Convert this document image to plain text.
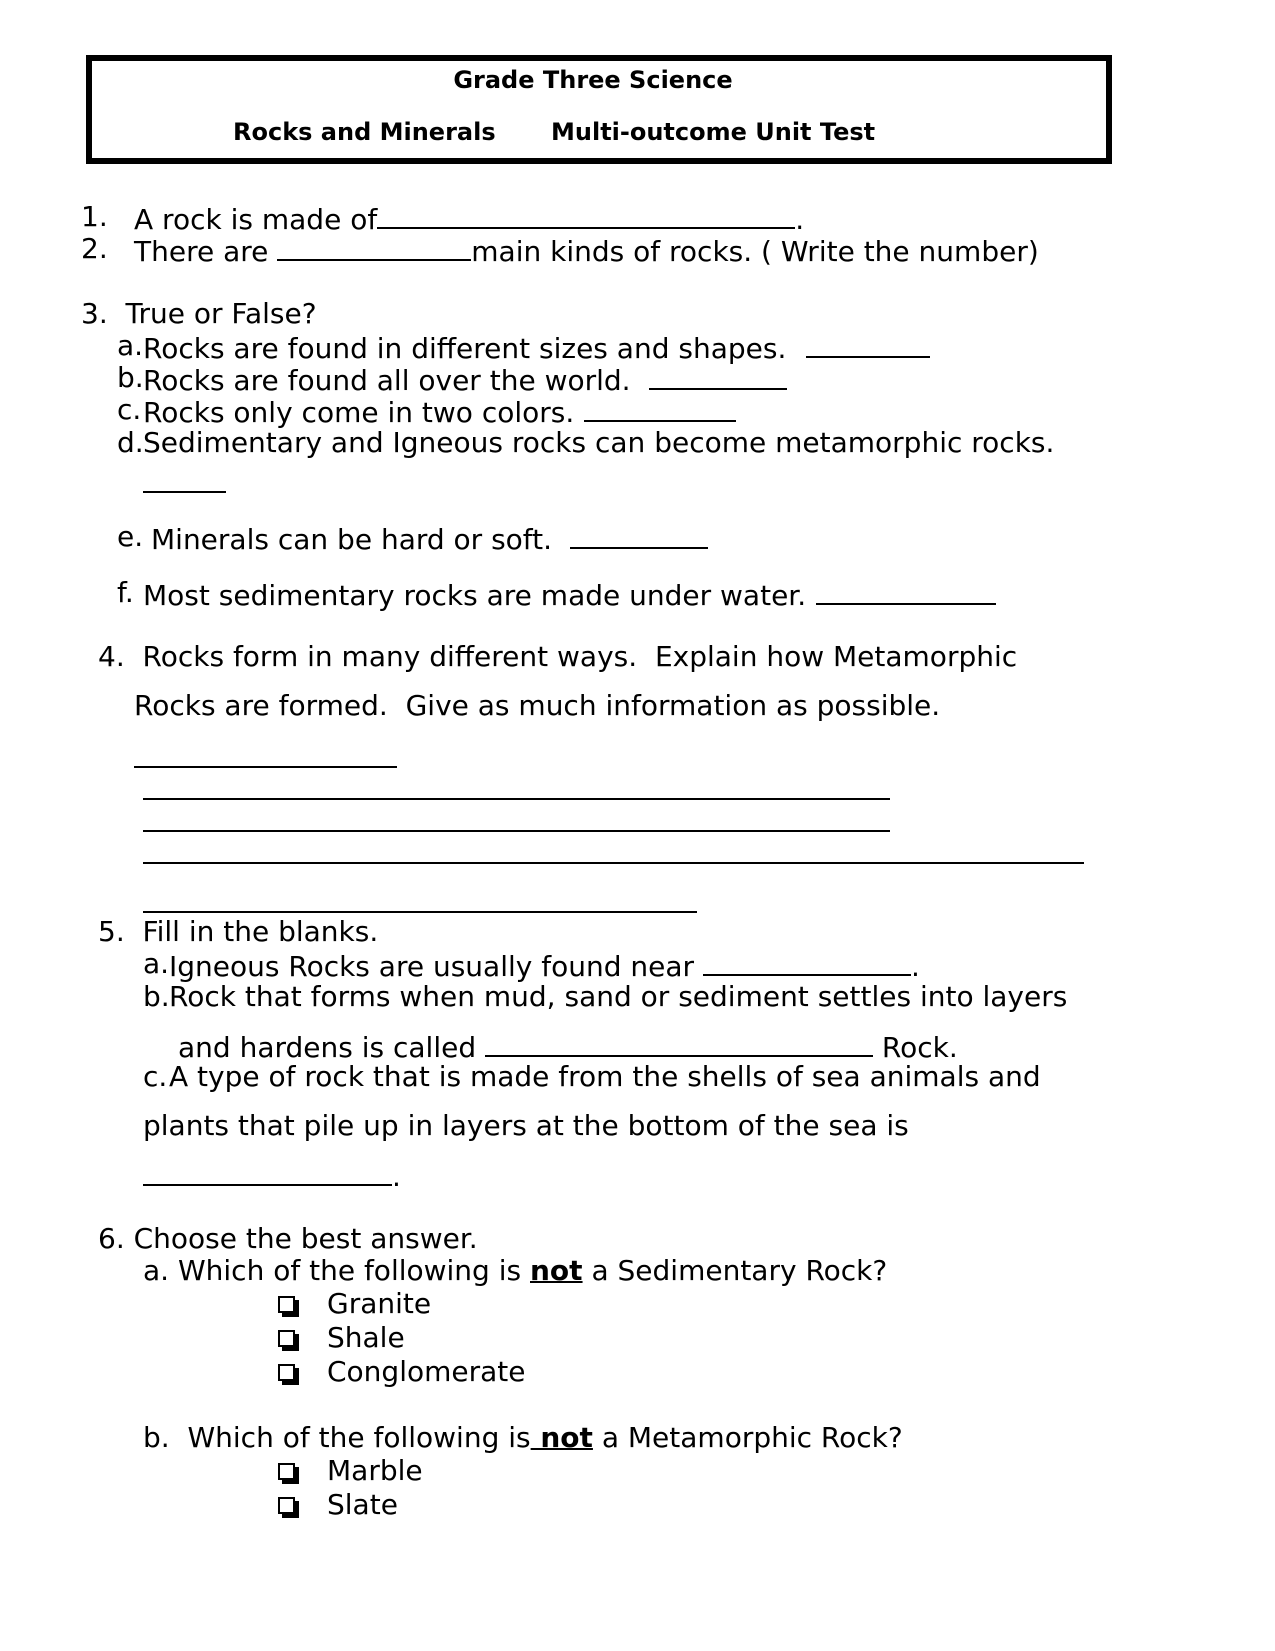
Grade Three Science
Rocks and Minerals Multi-outcome Unit Test
1. A rock is made of	.
2. There are	main kinds of rocks. ( Write the number)
3.  True or False?
a. Rocks are found in different sizes and shapes.
b. Rocks are found all over the world.
c. Rocks only come in two colors.
d. Sedimentary and Igneous rocks can become metamorphic rocks.
e. Minerals can be hard or soft.
f. Most sedimentary rocks are made under water.
4.  Rocks form in many different ways.  Explain how Metamorphic
Rocks are formed.  Give as much information as possible.
5.  Fill in the blanks.
a. Igneous Rocks are usually found near	.
b. Rock that forms when mud, sand or sediment settles into layers
and hardens is called	Rock.
c. A type of rock that is made from the shells of sea animals and
plants that pile up in layers at the bottom of the sea is
.
6. Choose the best answer.
a. Which of the following is not a Sedimentary Rock?
Granite
Shale
Conglomerate
b.  Which of the following is not a Metamorphic Rock?
Marble
Slate
